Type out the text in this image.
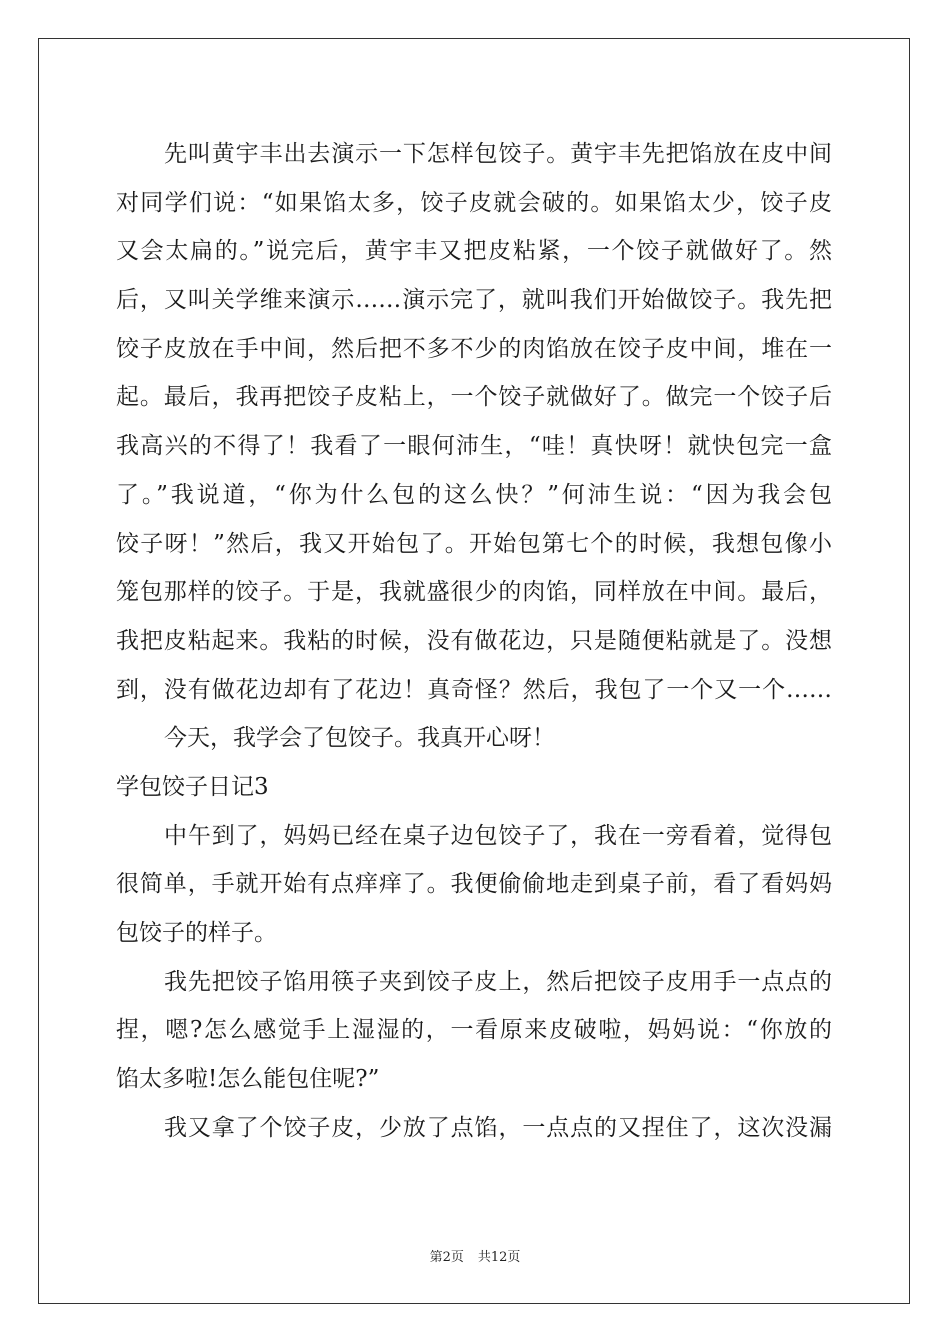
先叫黄宇丰出去演示一下怎样包饺子。黄宇丰先把馅放在皮中间
对同学们说：“如果馅太多，饺子皮就会破的。如果馅太少，饺子皮
又会太扁的。”说完后，黄宇丰又把皮粘紧，一个饺子就做好了。然
后，又叫关学维来演示……演示完了，就叫我们开始做饺子。我先把
饺子皮放在手中间，然后把不多不少的肉馅放在饺子皮中间，堆在一
起。最后，我再把饺子皮粘上，一个饺子就做好了。做完一个饺子后
我高兴的不得了！我看了一眼何沛生，“哇！真快呀！就快包完一盒
了。”我说道，“你为什么包的这么快？”何沛生说：“因为我会包
饺子呀！”然后，我又开始包了。开始包第七个的时候，我想包像小
笼包那样的饺子。于是，我就盛很少的肉馅，同样放在中间。最后，
我把皮粘起来。我粘的时候，没有做花边，只是随便粘就是了。没想
到，没有做花边却有了花边！真奇怪？然后，我包了一个又一个……
今天，我学会了包饺子。我真开心呀！
学包饺子日记3
中午到了，妈妈已经在桌子边包饺子了，我在一旁看着，觉得包
很简单，手就开始有点痒痒了。我便偷偷地走到桌子前，看了看妈妈
包饺子的样子。
我先把饺子馅用筷子夹到饺子皮上，然后把饺子皮用手一点点的
捏，嗯?怎么感觉手上湿湿的，一看原来皮破啦，妈妈说：“你放的
馅太多啦!怎么能包住呢?”
我又拿了个饺子皮，少放了点馅，一点点的又捏住了，这次没漏
第2页 共12页
